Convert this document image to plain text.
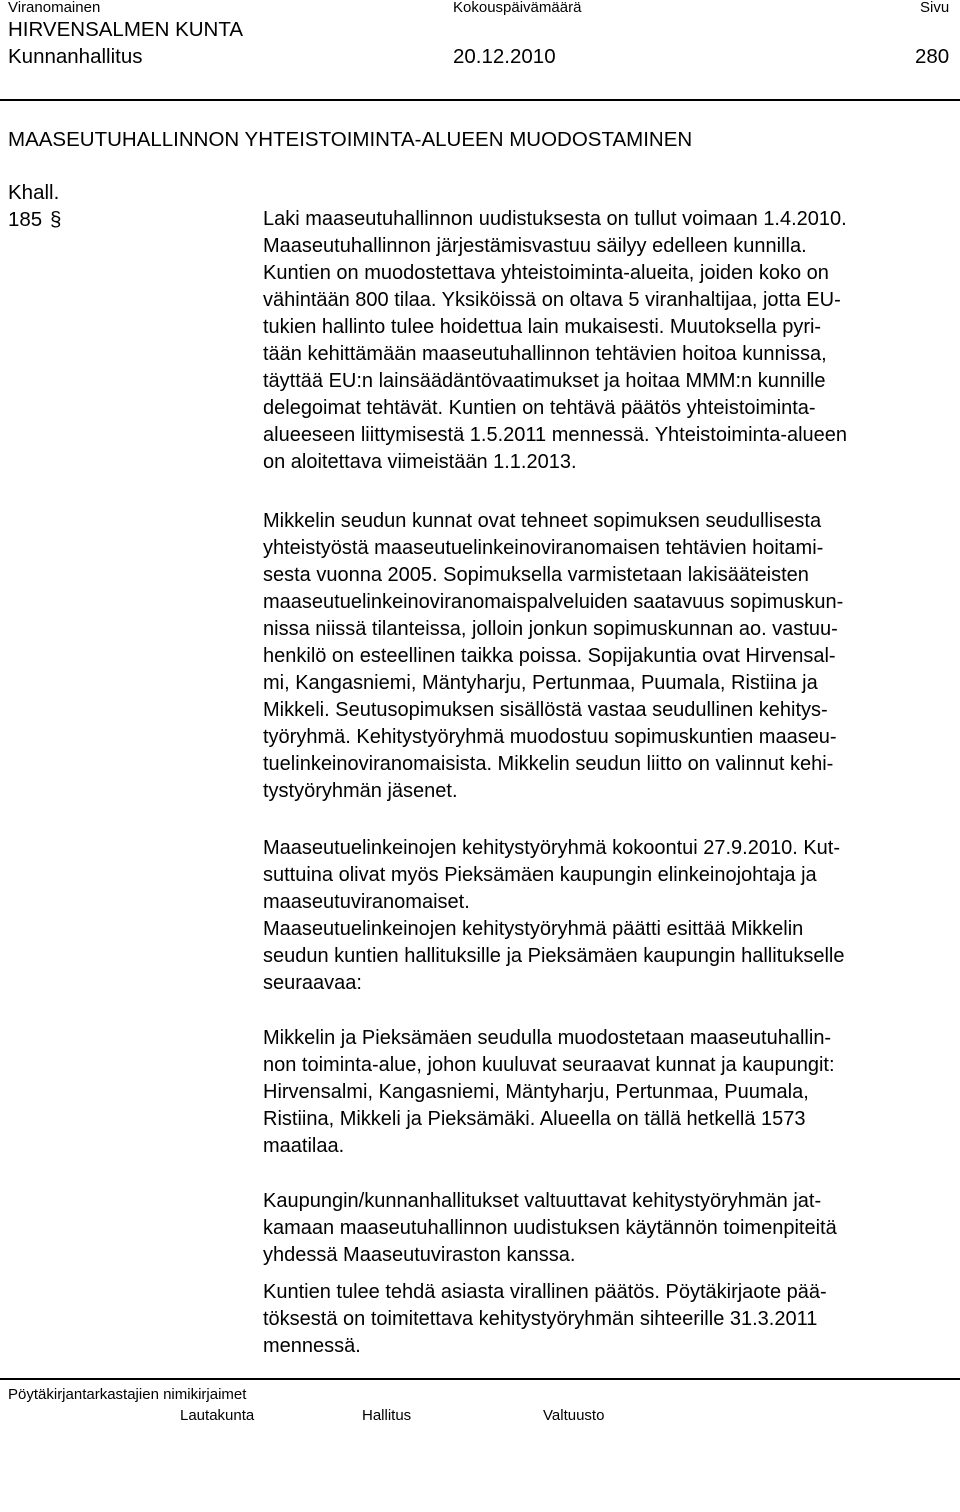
Viranomainen	Kokouspäivämäärä	Sivu
HIRVENSALMEN KUNTA
Kunnanhallitus	20.12.2010	280
MAASEUTUHALLINNON YHTEISTOIMINTA-ALUEEN MUODOSTAMINEN
Khall.
185 §	Laki maaseutuhallinnon uudistuksesta on tullut voimaan 1.4.2010.
Maaseutuhallinnon järjestämisvastuu säilyy edelleen kunnilla.
Kuntien on muodostettava yhteistoiminta-alueita, joiden koko on
vähintään 800 tilaa. Yksiköissä on oltava 5 viranhaltijaa, jotta EU-
tukien hallinto tulee hoidettua lain mukaisesti. Muutoksella pyri-
tään kehittämään maaseutuhallinnon tehtävien hoitoa kunnissa,
täyttää EU:n lainsäädäntövaatimukset ja hoitaa MMM:n kunnille
delegoimat tehtävät. Kuntien on tehtävä päätös yhteistoiminta-
alueeseen liittymisestä 1.5.2011 mennessä. Yhteistoiminta-alueen
on aloitettava viimeistään 1.1.2013.
Mikkelin seudun kunnat ovat tehneet sopimuksen seudullisesta
yhteistyöstä maaseutuelinkeinoviranomaisen tehtävien hoitami-
sesta vuonna 2005. Sopimuksella varmistetaan lakisääteisten
maaseutuelinkeinoviranomaispalveluiden saatavuus sopimuskun-
nissa niissä tilanteissa, jolloin jonkun sopimuskunnan ao. vastuu-
henkilö on esteellinen taikka poissa. Sopijakuntia ovat Hirvensal-
mi, Kangasniemi, Mäntyharju, Pertunmaa, Puumala, Ristiina ja
Mikkeli. Seutusopimuksen sisällöstä vastaa seudullinen kehitys-
työryhmä. Kehitystyöryhmä muodostuu sopimuskuntien maaseu-
tuelinkeinoviranomaisista. Mikkelin seudun liitto on valinnut kehi-
tystyöryhmän jäsenet.
Maaseutuelinkeinojen kehitystyöryhmä kokoontui 27.9.2010. Kut-
suttuina olivat myös Pieksämäen kaupungin elinkeinojohtaja ja
maaseutuviranomaiset.
Maaseutuelinkeinojen kehitystyöryhmä päätti esittää Mikkelin
seudun kuntien hallituksille ja Pieksämäen kaupungin hallitukselle
seuraavaa:
Mikkelin ja Pieksämäen seudulla muodostetaan maaseutuhallin-
non toiminta-alue, johon kuuluvat seuraavat kunnat ja kaupungit:
Hirvensalmi, Kangasniemi, Mäntyharju, Pertunmaa, Puumala,
Ristiina, Mikkeli ja Pieksämäki. Alueella on tällä hetkellä 1573
maatilaa.
Kaupungin/kunnanhallitukset valtuuttavat kehitystyöryhmän jat-
kamaan maaseutuhallinnon uudistuksen käytännön toimenpiteitä
yhdessä Maaseutuviraston kanssa.
Kuntien tulee tehdä asiasta virallinen päätös. Pöytäkirjaote pää-
töksestä on toimitettava kehitystyöryhmän sihteerille 31.3.2011
mennessä.
Pöytäkirjantarkastajien nimikirjaimet
Lautakunta	Hallitus	Valtuusto
